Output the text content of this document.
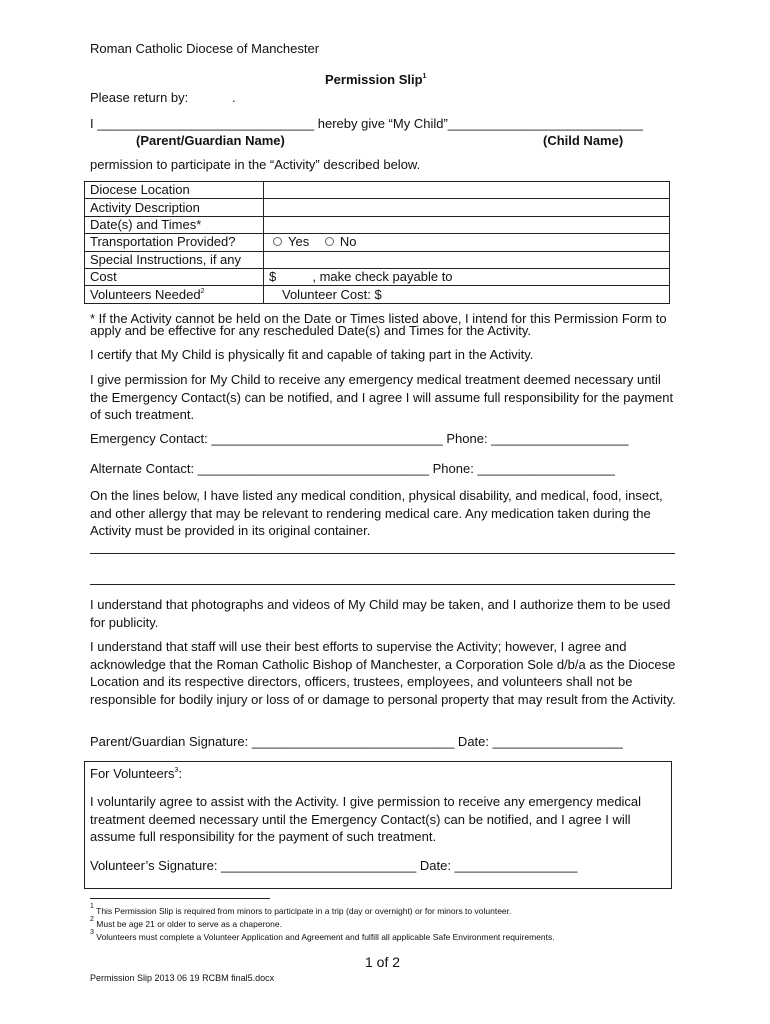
Roman Catholic Diocese of Manchester
Permission Slip$^1$
Please return by:	.
I ______________________________ hereby give “My Child”___________________________
(Parent/Guardian Name)	(Child Name)
permission to participate in the “Activity” described below.
Diocese Location	
Activity Description	
Date(s) and Times*	
Transportation Provided?	Yes No
Special Instructions, if any	
Cost	$          , make check payable to
Volunteers Needed$^2$	Volunteer Cost: $
* If the Activity cannot be held on the Date or Times listed above, I intend for this Permission Form to apply and be effective for any rescheduled Date(s) and Times for the Activity.
I certify that My Child is physically fit and capable of taking part in the Activity.
I give permission for My Child to receive any emergency medical treatment deemed necessary until the Emergency Contact(s) can be notified, and I agree I will assume full responsibility for the payment of such treatment.
Emergency Contact: ________________________________ Phone: ___________________
Alternate Contact: ________________________________ Phone: ___________________
On the lines below, I have listed any medical condition, physical disability, and medical, food, insect, and other allergy that may be relevant to rendering medical care. Any medication taken during the Activity must be provided in its original container.
I understand that photographs and videos of My Child may be taken, and I authorize them to be used for publicity.
I understand that staff will use their best efforts to supervise the Activity; however, I agree and acknowledge that the Roman Catholic Bishop of Manchester, a Corporation Sole d/b/a as the Diocese Location and its respective directors, officers, trustees, employees, and volunteers shall not be responsible for bodily injury or loss of or damage to personal property that may result from the Activity.
Parent/Guardian Signature: ____________________________ Date: __________________
For Volunteers$^3$:
I voluntarily agree to assist with the Activity. I give permission to receive any emergency medical treatment deemed necessary until the Emergency Contact(s) can be notified, and I agree I will assume full responsibility for the payment of such treatment.
Volunteer’s Signature: ___________________________ Date: _________________
$^1$ This Permission Slip is required from minors to participate in a trip (day or overnight) or for minors to volunteer.
$^2$ Must be age 21 or older to serve as a chaperone.
$^3$ Volunteers must complete a Volunteer Application and Agreement and fulfill all applicable Safe Environment requirements.
1 of 2
Permission Slip 2013 06 19 RCBM final5.docx
